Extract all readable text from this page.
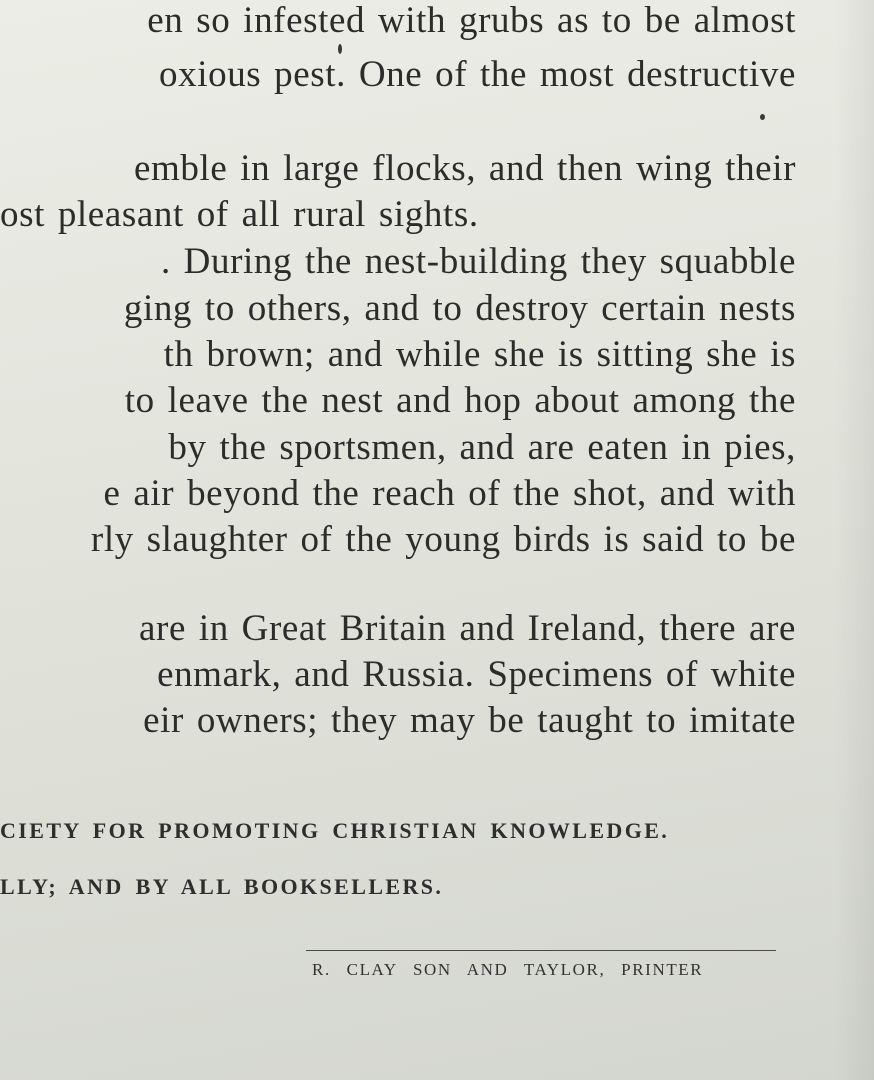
en so infested with grubs as to be almost
oxious pest. One of the most destructive
emble in large flocks, and then wing their
ost pleasant of all rural sights.
. During the nest-building they squabble
ging to others, and to destroy certain nests
th brown; and while she is sitting she is
to leave the nest and hop about among the
by the sportsmen, and are eaten in pies,
e air beyond the reach of the shot, and with
rly slaughter of the young birds is said to be
are in Great Britain and Ireland, there are
enmark, and Russia. Specimens of white
eir owners; they may be taught to imitate
CIETY FOR PROMOTING CHRISTIAN KNOWLEDGE.
LLY; AND BY ALL BOOKSELLERS.
R. CLAY SON AND TAYLOR, PRINTER
